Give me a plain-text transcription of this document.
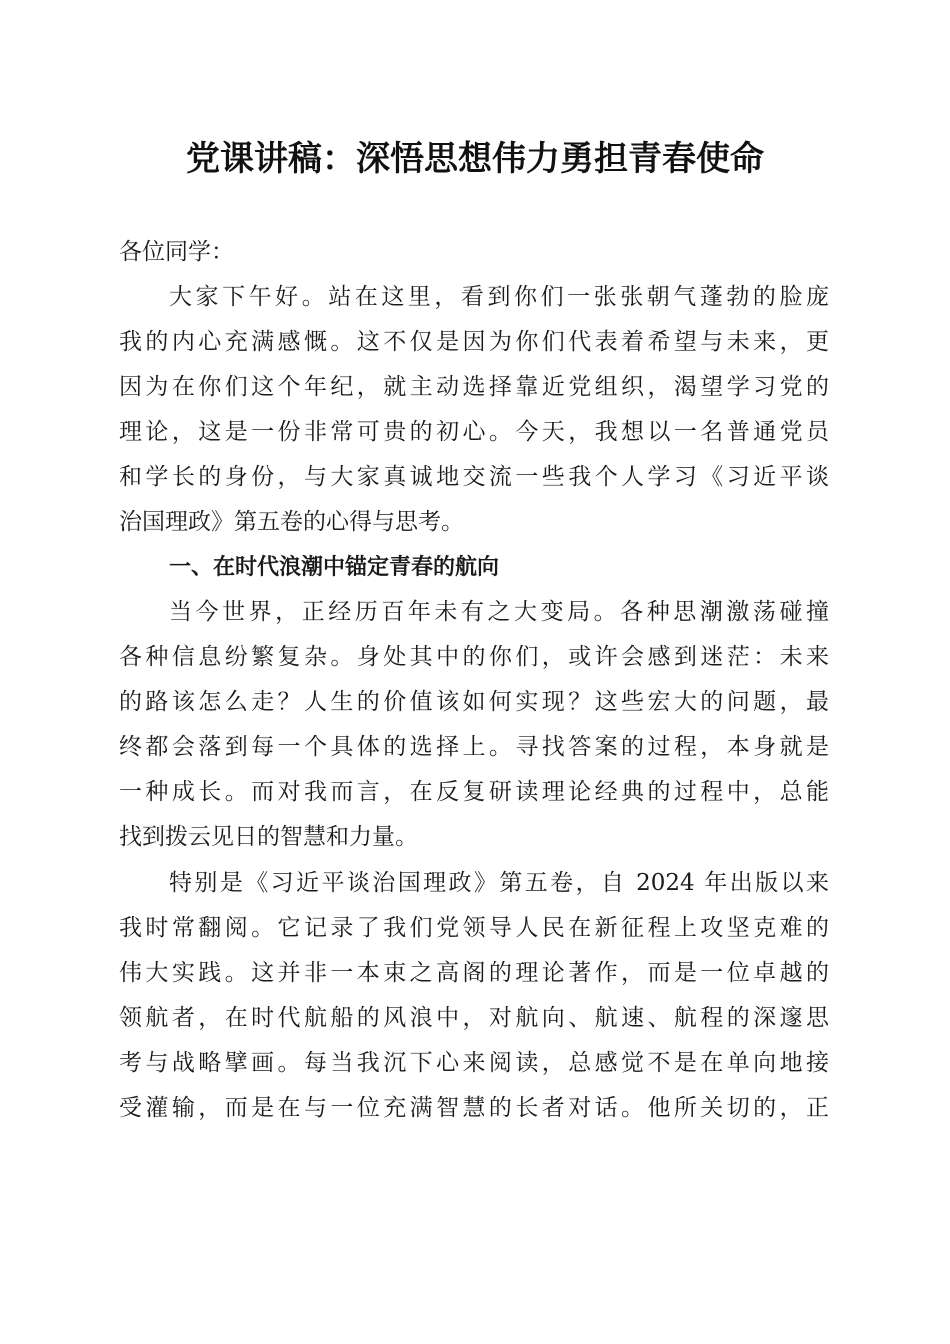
党课讲稿：深悟思想伟力勇担青春使命
各位同学：
大家下午好。站在这里，看到你们一张张朝气蓬勃的脸庞
我的内心充满感慨。这不仅是因为你们代表着希望与未来，更
因为在你们这个年纪，就主动选择靠近党组织，渴望学习党的
理论，这是一份非常可贵的初心。今天，我想以一名普通党员
和学长的身份，与大家真诚地交流一些我个人学习《习近平谈
治国理政》第五卷的心得与思考。
一、在时代浪潮中锚定青春的航向
当今世界，正经历百年未有之大变局。各种思潮激荡碰撞
各种信息纷繁复杂。身处其中的你们，或许会感到迷茫：未来
的路该怎么走？人生的价值该如何实现？这些宏大的问题，最
终都会落到每一个具体的选择上。寻找答案的过程，本身就是
一种成长。而对我而言，在反复研读理论经典的过程中，总能
找到拨云见日的智慧和力量。
特别是《习近平谈治国理政》第五卷，自 2024 年出版以来
我时常翻阅。它记录了我们党领导人民在新征程上攻坚克难的
伟大实践。这并非一本束之高阁的理论著作，而是一位卓越的
领航者，在时代航船的风浪中，对航向、航速、航程的深邃思
考与战略擘画。每当我沉下心来阅读，总感觉不是在单向地接
受灌输，而是在与一位充满智慧的长者对话。他所关切的，正
